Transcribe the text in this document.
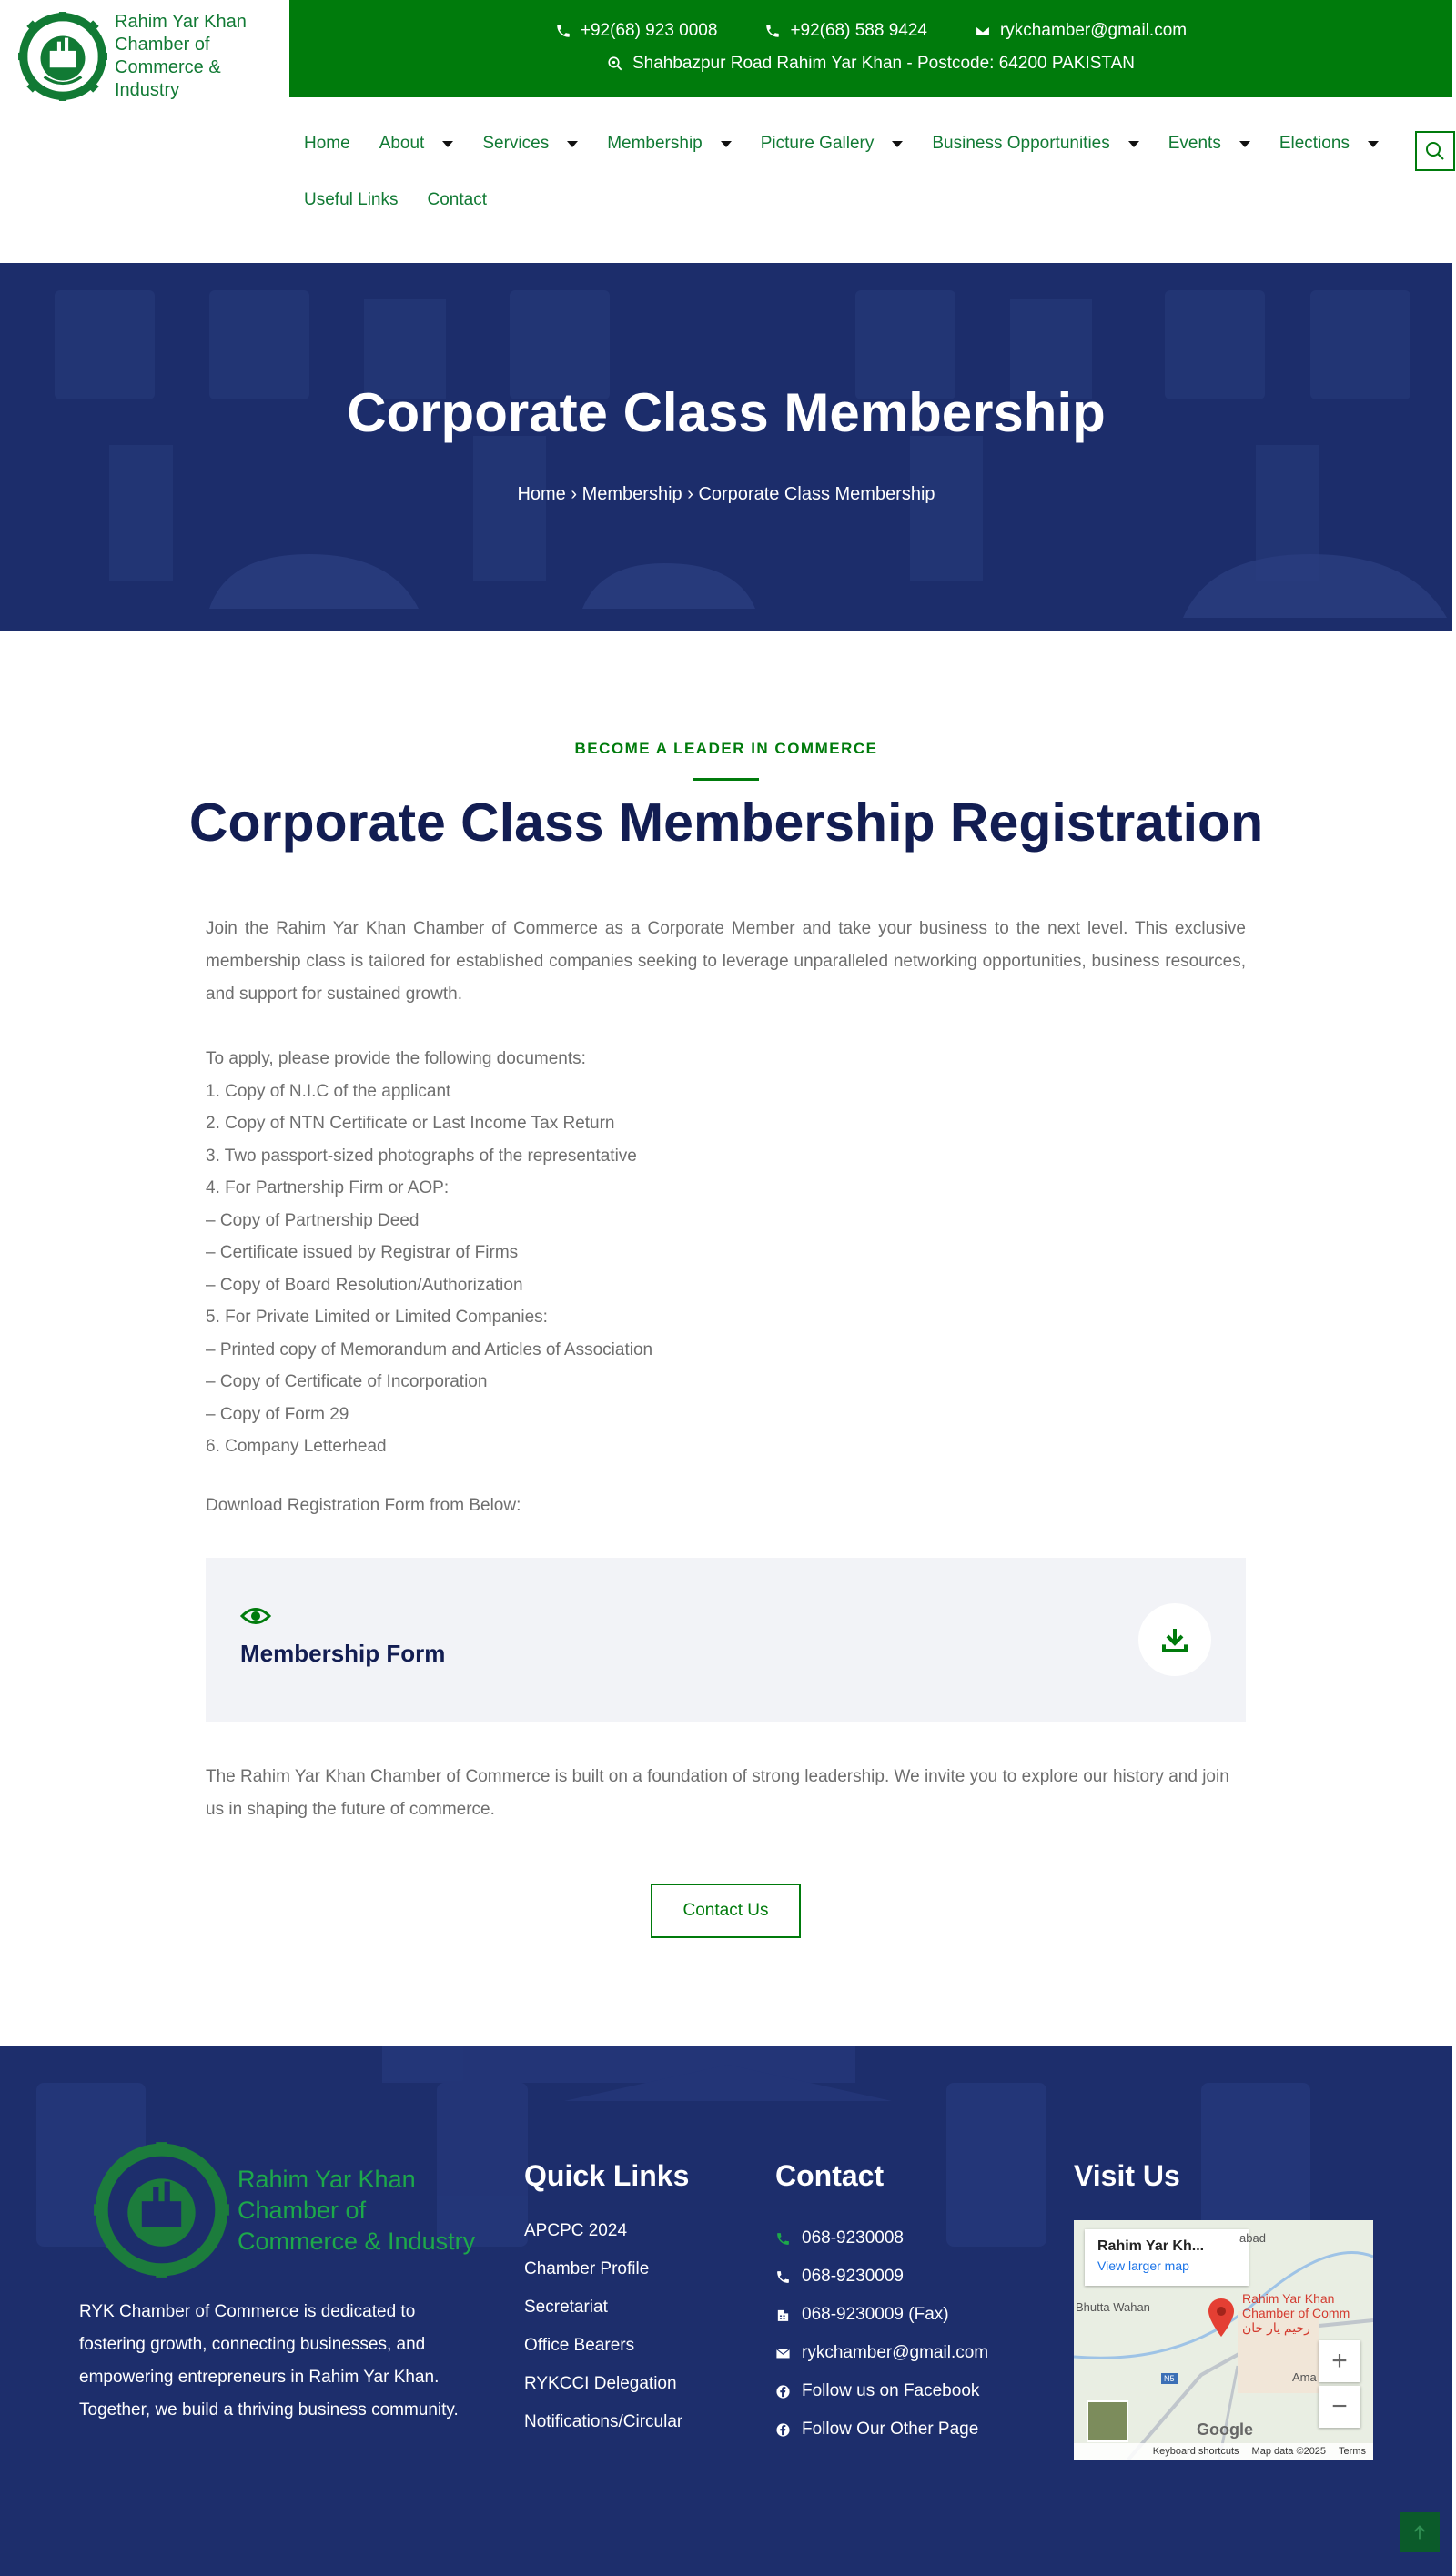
Rahim Yar Khan
Chamber of
Commerce & Industry
+92(68) 923 0008	+92(68) 588 9424	rykchamber@gmail.com
Shahbazpur Road Rahim Yar Khan - Postcode: 64200 PAKISTAN
Home About	Services	Membership	Picture Gallery	Business Opportunities	Events	Elections
Useful Links Contact
Corporate Class Membership
Home › Membership › Corporate Class Membership
BECOME A LEADER IN COMMERCE
Corporate Class Membership Registration

Join the Rahim Yar Khan Chamber of Commerce as a Corporate Member and take your business to the next level. This exclusive membership class is tailored for established companies seeking to leverage unparalleled networking opportunities, business resources, and support for sustained growth.

To apply, please provide the following documents:
1. Copy of N.I.C of the applicant
2. Copy of NTN Certificate or Last Income Tax Return
3. Two passport-sized photographs of the representative
4. For Partnership Firm or AOP:
– Copy of Partnership Deed
– Certificate issued by Registrar of Firms
– Copy of Board Resolution/Authorization
5. For Private Limited or Limited Companies:
– Printed copy of Memorandum and Articles of Association
– Copy of Certificate of Incorporation
– Copy of Form 29
6. Company Letterhead
Download Registration Form from Below:
Membership Form

The Rahim Yar Khan Chamber of Commerce is built on a foundation of strong leadership. We invite you to explore our history and join us in shaping the future of commerce.

Contact Us
Rahim Yar Khan
Chamber of
Commerce & Industry

RYK Chamber of Commerce is dedicated to fostering growth, connecting businesses, and empowering entrepreneurs in Rahim Yar Khan. Together, we build a thriving business community.

Quick Links
APCPC 2024
Chamber Profile
Secretariat
Office Bearers
RYKCCI Delegation
Notifications/Circular
Contact
068-9230008
068-9230009
068-9230009 (Fax)
rykchamber@gmail.com
Follow us on Facebook
Follow Our Other Page
Visit Us
Rahim Yar Kh...
View larger map
abad
Bhutta Wahan
Rahim Yar Khan
Chamber of Comm
رحیم یار خان
N5	Ama
+
−
Google
Keyboard shortcuts Map data ©2025 Terms
